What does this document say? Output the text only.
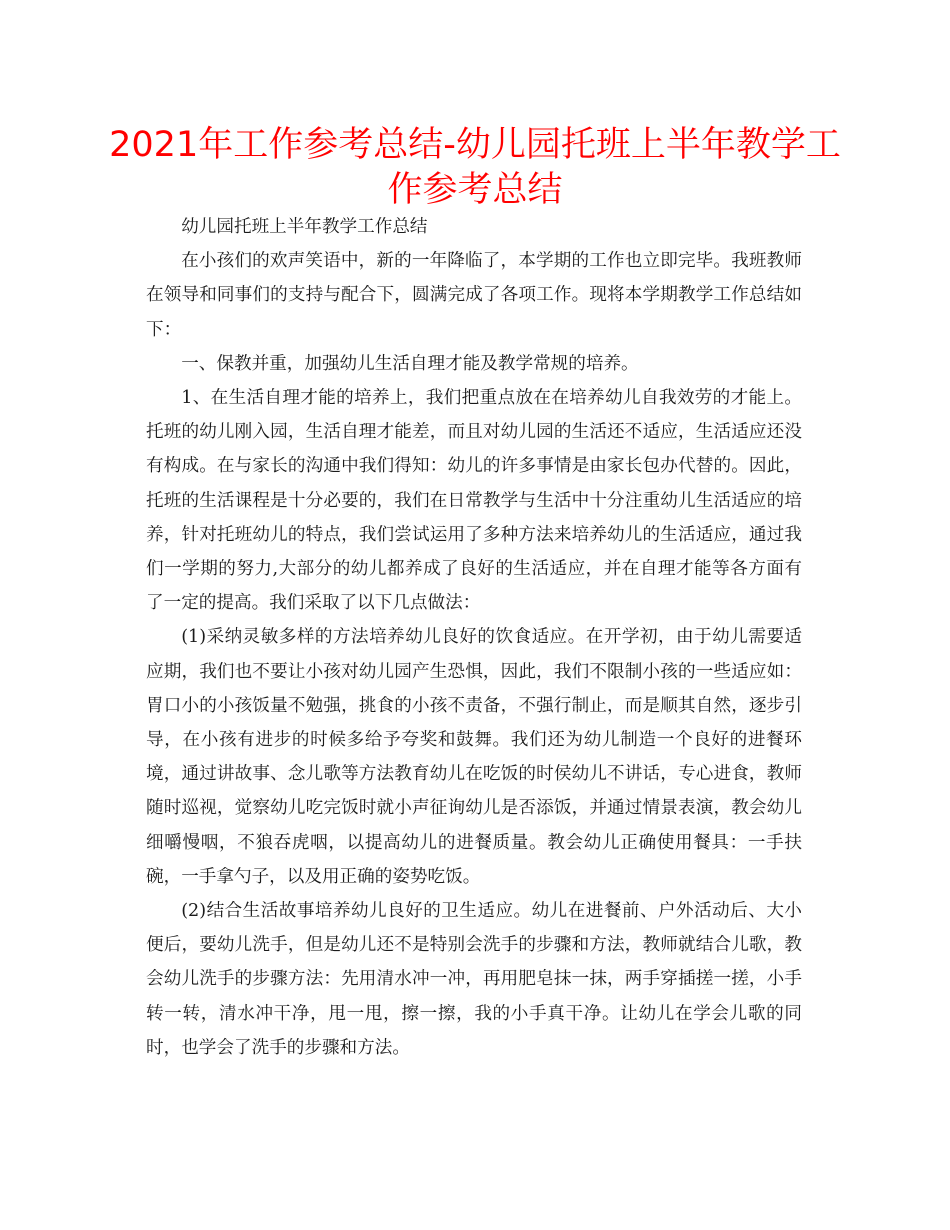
2021年工作参考总结-幼儿园托班上半年教学工
作参考总结

幼儿园托班上半年教学工作总结

在小孩们的欢声笑语中，新的一年降临了，本学期的工作也立即完毕。我班教师在领导和同事们的支持与配合下，圆满完成了各项工作。现将本学期教学工作总结如下：

一、保教并重，加强幼儿生活自理才能及教学常规的培养。

1、在生活自理才能的培养上，我们把重点放在在培养幼儿自我效劳的才能上。托班的幼儿刚入园，生活自理才能差，而且对幼儿园的生活还不适应，生活适应还没有构成。在与家长的沟通中我们得知：幼儿的许多事情是由家长包办代替的。因此，托班的生活课程是十分必要的，我们在日常教学与生活中十分注重幼儿生活适应的培养，针对托班幼儿的特点，我们尝试运用了多种方法来培养幼儿的生活适应，通过我们一学期的努力,大部分的幼儿都养成了良好的生活适应，并在自理才能等各方面有了一定的提高。我们采取了以下几点做法：

(1)采纳灵敏多样的方法培养幼儿良好的饮食适应。在开学初，由于幼儿需要适应期，我们也不要让小孩对幼儿园产生恐惧，因此，我们不限制小孩的一些适应如：胃口小的小孩饭量不勉强，挑食的小孩不责备，不强行制止，而是顺其自然，逐步引导，在小孩有进步的时候多给予夸奖和鼓舞。我们还为幼儿制造一个良好的进餐环境，通过讲故事、念儿歌等方法教育幼儿在吃饭的时侯幼儿不讲话，专心进食，教师随时巡视，觉察幼儿吃完饭时就小声征询幼儿是否添饭，并通过情景表演，教会幼儿细嚼慢咽，不狼吞虎咽，以提高幼儿的进餐质量。教会幼儿正确使用餐具：一手扶碗，一手拿勺子，以及用正确的姿势吃饭。

(2)结合生活故事培养幼儿良好的卫生适应。幼儿在进餐前、户外活动后、大小便后，要幼儿洗手，但是幼儿还不是特别会洗手的步骤和方法，教师就结合儿歌，教会幼儿洗手的步骤方法：先用清水冲一冲，再用肥皂抹一抹，两手穿插搓一搓，小手转一转，清水冲干净，甩一甩，擦一擦，我的小手真干净。让幼儿在学会儿歌的同时，也学会了洗手的步骤和方法。
